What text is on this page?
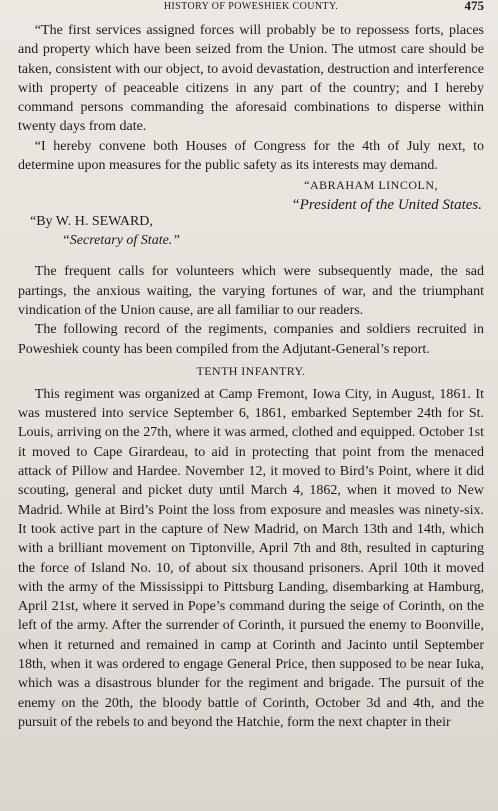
HISTORY OF POWESHIEK COUNTY.	475

“The first services assigned forces will probably be to repossess forts, places and property which have been seized from the Union. The utmost care should be taken, consistent with our object, to avoid devastation, destruction and interference with property of peaceable citizens in any part of the country; and I hereby command persons commanding the aforesaid combinations to disperse within twenty days from date.

“I hereby convene both Houses of Congress for the 4th of July next, to determine upon measures for the public safety as its interests may demand.

“ABRAHAM LINCOLN,
“President of the United States.
“By W. H. SEWARD,
“Secretary of State.”

The frequent calls for volunteers which were subsequently made, the sad partings, the anxious waiting, the varying fortunes of war, and the triumphant vindication of the Union cause, are all familiar to our readers.

The following record of the regiments, companies and soldiers recruited in Poweshiek county has been compiled from the Adjutant-General’s report.

TENTH INFANTRY.

This regiment was organized at Camp Fremont, Iowa City, in August, 1861. It was mustered into service September 6, 1861, embarked September 24th for St. Louis, arriving on the 27th, where it was armed, clothed and equipped. October 1st it moved to Cape Girardeau, to aid in protecting that point from the menaced attack of Pillow and Hardee. November 12, it moved to Bird’s Point, where it did scouting, general and picket duty until March 4, 1862, when it moved to New Madrid. While at Bird’s Point the loss from exposure and measles was ninety-six. It took active part in the capture of New Madrid, on March 13th and 14th, which with a brilliant movement on Tiptonville, April 7th and 8th, resulted in capturing the force of Island No. 10, of about six thousand prisoners. April 10th it moved with the army of the Mississippi to Pittsburg Landing, disembarking at Hamburg, April 21st, where it served in Pope’s command during the seige of Corinth, on the left of the army. After the surrender of Corinth, it pursued the enemy to Boonville, when it returned and remained in camp at Corinth and Jacinto until September 18th, when it was ordered to engage General Price, then supposed to be near Iuka, which was a disastrous blunder for the regiment and brigade. The pursuit of the enemy on the 20th, the bloody battle of Corinth, October 3d and 4th, and the pursuit of the rebels to and beyond the Hatchie, form the next chapter in their
